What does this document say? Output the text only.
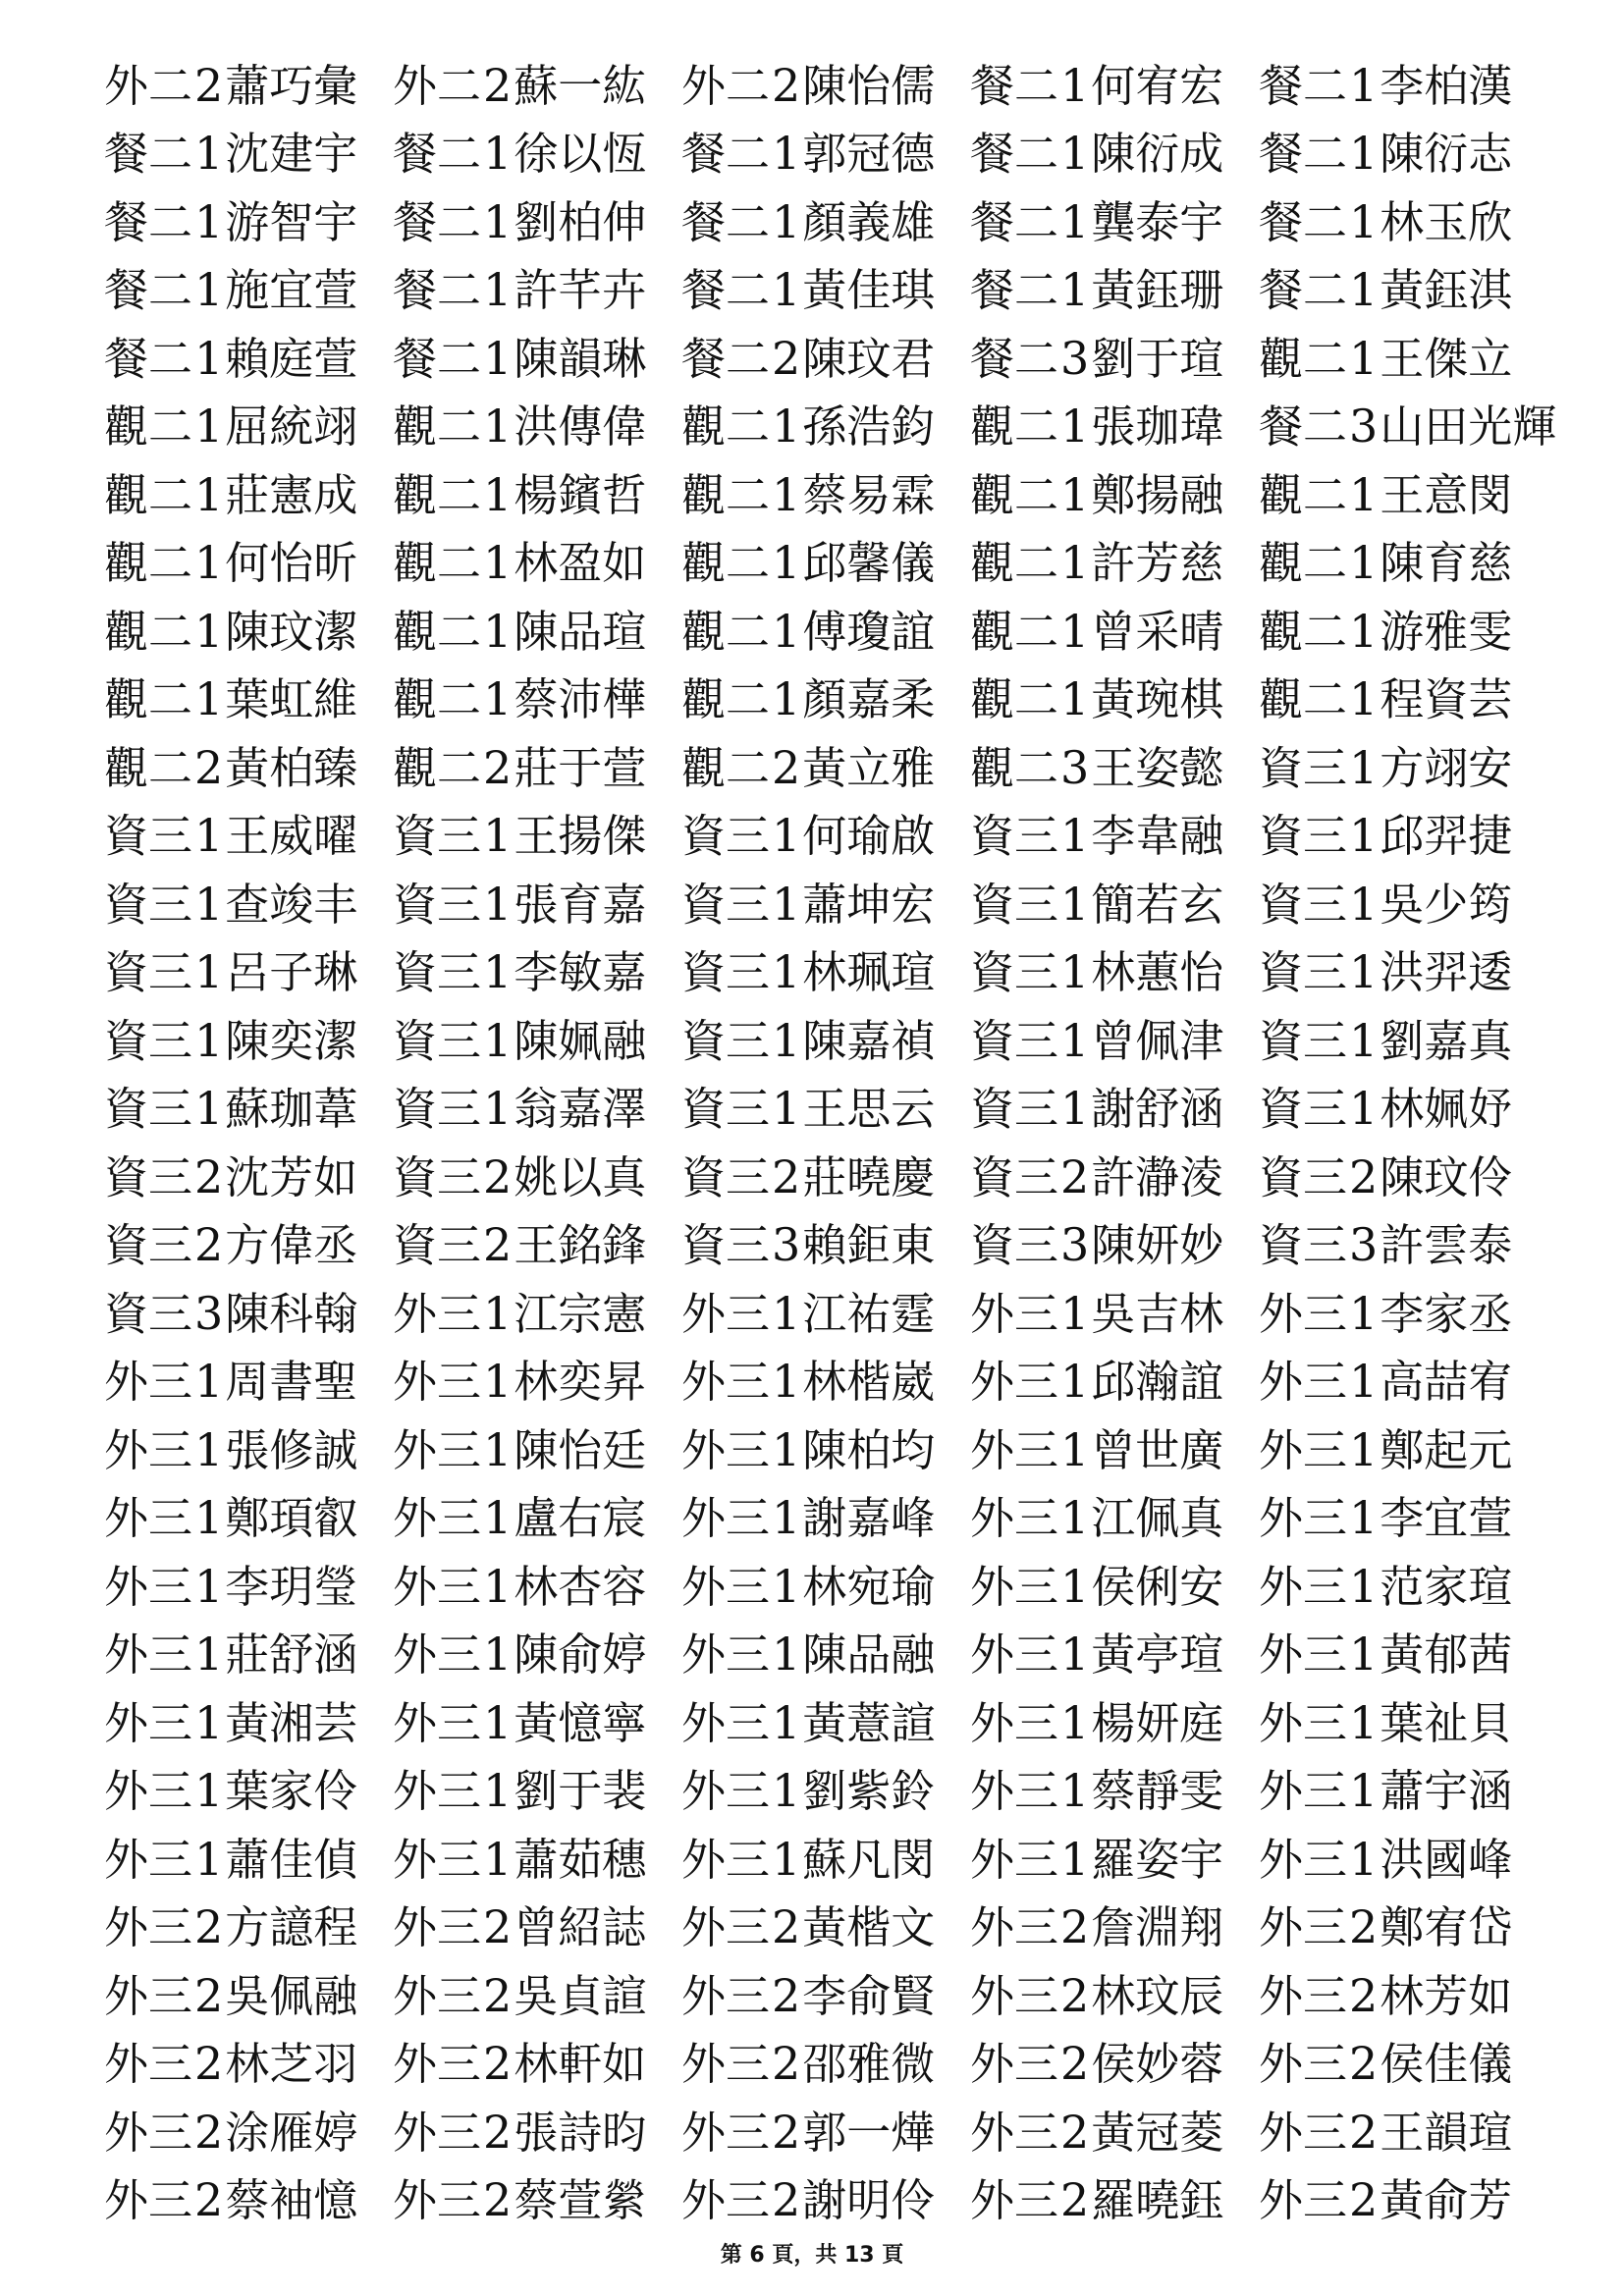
外二 2 蕭巧彙 外二 2 蘇一紘 外二 2 陳怡儒 餐二 1 何宥宏 餐二 1 李柏漢
餐二 1 沈建宇 餐二 1 徐以恆 餐二 1 郭冠德 餐二 1 陳衍成 餐二 1 陳衍志
餐二 1 游智宇 餐二 1 劉柏伸 餐二 1 顏義雄 餐二 1 龔泰宇 餐二 1 林玉欣
餐二 1 施宜萱 餐二 1 許芊卉 餐二 1 黃佳琪 餐二 1 黃鈺珊 餐二 1 黃鈺淇
餐二 1 賴庭萱 餐二 1 陳韻琳 餐二 2 陳玟君 餐二 3 劉于瑄 觀二 1 王傑立
觀二 1 屈統翊 觀二 1 洪傳偉 觀二 1 孫浩鈞 觀二 1 張珈瑋 餐二 3 山田光輝
觀二 1 莊憲成 觀二 1 楊鑌哲 觀二 1 蔡易霖 觀二 1 鄭揚融 觀二 1 王意閔
觀二 1 何怡昕 觀二 1 林盈如 觀二 1 邱馨儀 觀二 1 許芳慈 觀二 1 陳育慈
觀二 1 陳玟潔 觀二 1 陳品瑄 觀二 1 傅瓊誼 觀二 1 曾采晴 觀二 1 游雅雯
觀二 1 葉虹維 觀二 1 蔡沛樺 觀二 1 顏嘉柔 觀二 1 黃琬棋 觀二 1 程資芸
觀二 2 黃柏臻 觀二 2 莊于萱 觀二 2 黃立雅 觀二 3 王姿懿 資三 1 方翊安
資三 1 王威曜 資三 1 王揚傑 資三 1 何瑜啟 資三 1 李韋融 資三 1 邱羿捷
資三 1 查竣丰 資三 1 張育嘉 資三 1 蕭坤宏 資三 1 簡若玄 資三 1 吳少筠
資三 1 呂子琳 資三 1 李敏嘉 資三 1 林珮瑄 資三 1 林蕙怡 資三 1 洪羿逶
資三 1 陳奕潔 資三 1 陳姵融 資三 1 陳嘉禎 資三 1 曾佩津 資三 1 劉嘉真
資三 1 蘇珈葦 資三 1 翁嘉澤 資三 1 王思云 資三 1 謝舒涵 資三 1 林姵妤
資三 2 沈芳如 資三 2 姚以真 資三 2 莊曉慶 資三 2 許瀞淩 資三 2 陳玟伶
資三 2 方偉丞 資三 2 王銘鋒 資三 3 賴鉅東 資三 3 陳妍妙 資三 3 許雲泰
資三 3 陳科翰 外三 1 江宗憲 外三 1 江祐霆 外三 1 吳吉林 外三 1 李家丞
外三 1 周書聖 外三 1 林奕昇 外三 1 林楷崴 外三 1 邱瀚誼 外三 1 高喆宥
外三 1 張修誠 外三 1 陳怡廷 外三 1 陳柏均 外三 1 曾世廣 外三 1 鄭起元
外三 1 鄭頊叡 外三 1 盧右宸 外三 1 謝嘉峰 外三 1 江佩真 外三 1 李宜萱
外三 1 李玥瑩 外三 1 林杏容 外三 1 林宛瑜 外三 1 侯俐安 外三 1 范家瑄
外三 1 莊舒涵 外三 1 陳俞婷 外三 1 陳品融 外三 1 黃亭瑄 外三 1 黃郁茜
外三 1 黃湘芸 外三 1 黃憶寧 外三 1 黃薏諠 外三 1 楊妍庭 外三 1 葉祉貝
外三 1 葉家伶 外三 1 劉于裴 外三 1 劉紫鈴 外三 1 蔡靜雯 外三 1 蕭宇涵
外三 1 蕭佳偵 外三 1 蕭茹穗 外三 1 蘇凡閔 外三 1 羅姿宇 外三 1 洪國峰
外三 2 方譩程 外三 2 曾紹誌 外三 2 黃楷文 外三 2 詹淵翔 外三 2 鄭宥岱
外三 2 吳佩融 外三 2 吳貞諠 外三 2 李俞賢 外三 2 林玟辰 外三 2 林芳如
外三 2 林芝羽 外三 2 林軒如 外三 2 邵雅微 外三 2 侯妙蓉 外三 2 侯佳儀
外三 2 涂雁婷 外三 2 張詩昀 外三 2 郭一燁 外三 2 黃冠菱 外三 2 王韻瑄
外三 2 蔡袖憶 外三 2 蔡萱縈 外三 2 謝明伶 外三 2 羅曉鈺 外三 2 黃俞芳
第 6 頁，共 13 頁
